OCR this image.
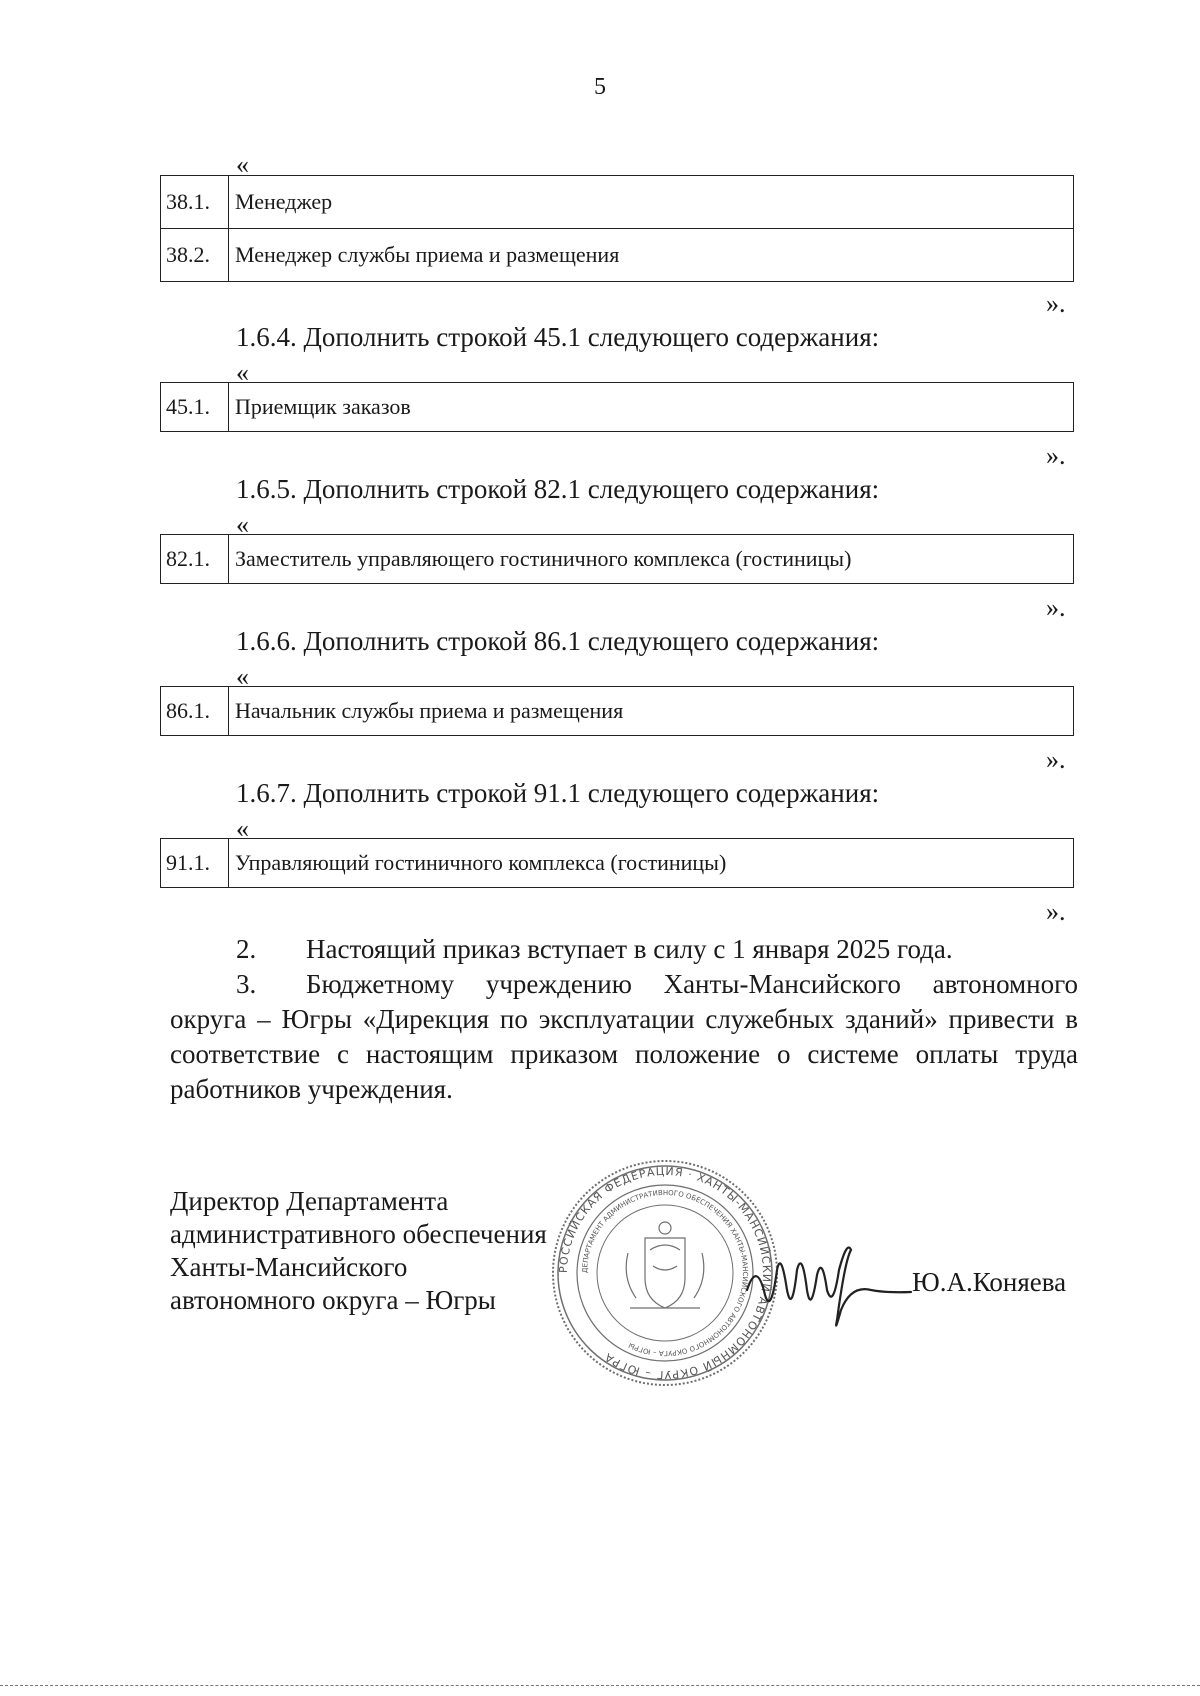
5
«
38.1.	Менеджер
38.2.	Менеджер службы приема и размещения
».
1.6.4. Дополнить строкой 45.1 следующего содержания:
«
45.1.	Приемщик заказов
».
1.6.5. Дополнить строкой 82.1 следующего содержания:
«
82.1.	Заместитель управляющего гостиничного комплекса (гостиницы)
».
1.6.6. Дополнить строкой 86.1 следующего содержания:
«
86.1.	Начальник службы приема и размещения
».
1.6.7. Дополнить строкой 91.1 следующего содержания:
«
91.1.	Управляющий гостиничного комплекса (гостиницы)
».
2. Настоящий приказ вступает в силу с 1 января 2025 года.
3. Бюджетному учреждению Ханты-Мансийского автономного округа – Югры «Дирекция по эксплуатации служебных зданий» привести в соответствие с настоящим приказом положение о системе оплаты труда работников учреждения.
Директор Департамента
административного обеспечения
Ханты-Мансийского
автономного округа – Югры
РОССИЙСКАЯ ФЕДЕРАЦИЯ · ХАНТЫ-МАНСИЙСКИЙ АВТОНОМНЫЙ ОКРУГ – ЮГРА
ДЕПАРТАМЕНТ АДМИНИСТРАТИВНОГО ОБЕСПЕЧЕНИЯ ХАНТЫ-МАНСИЙСКОГО АВТОНОМНОГО ОКРУГА – ЮГРЫ
Ю.А.Коняева
